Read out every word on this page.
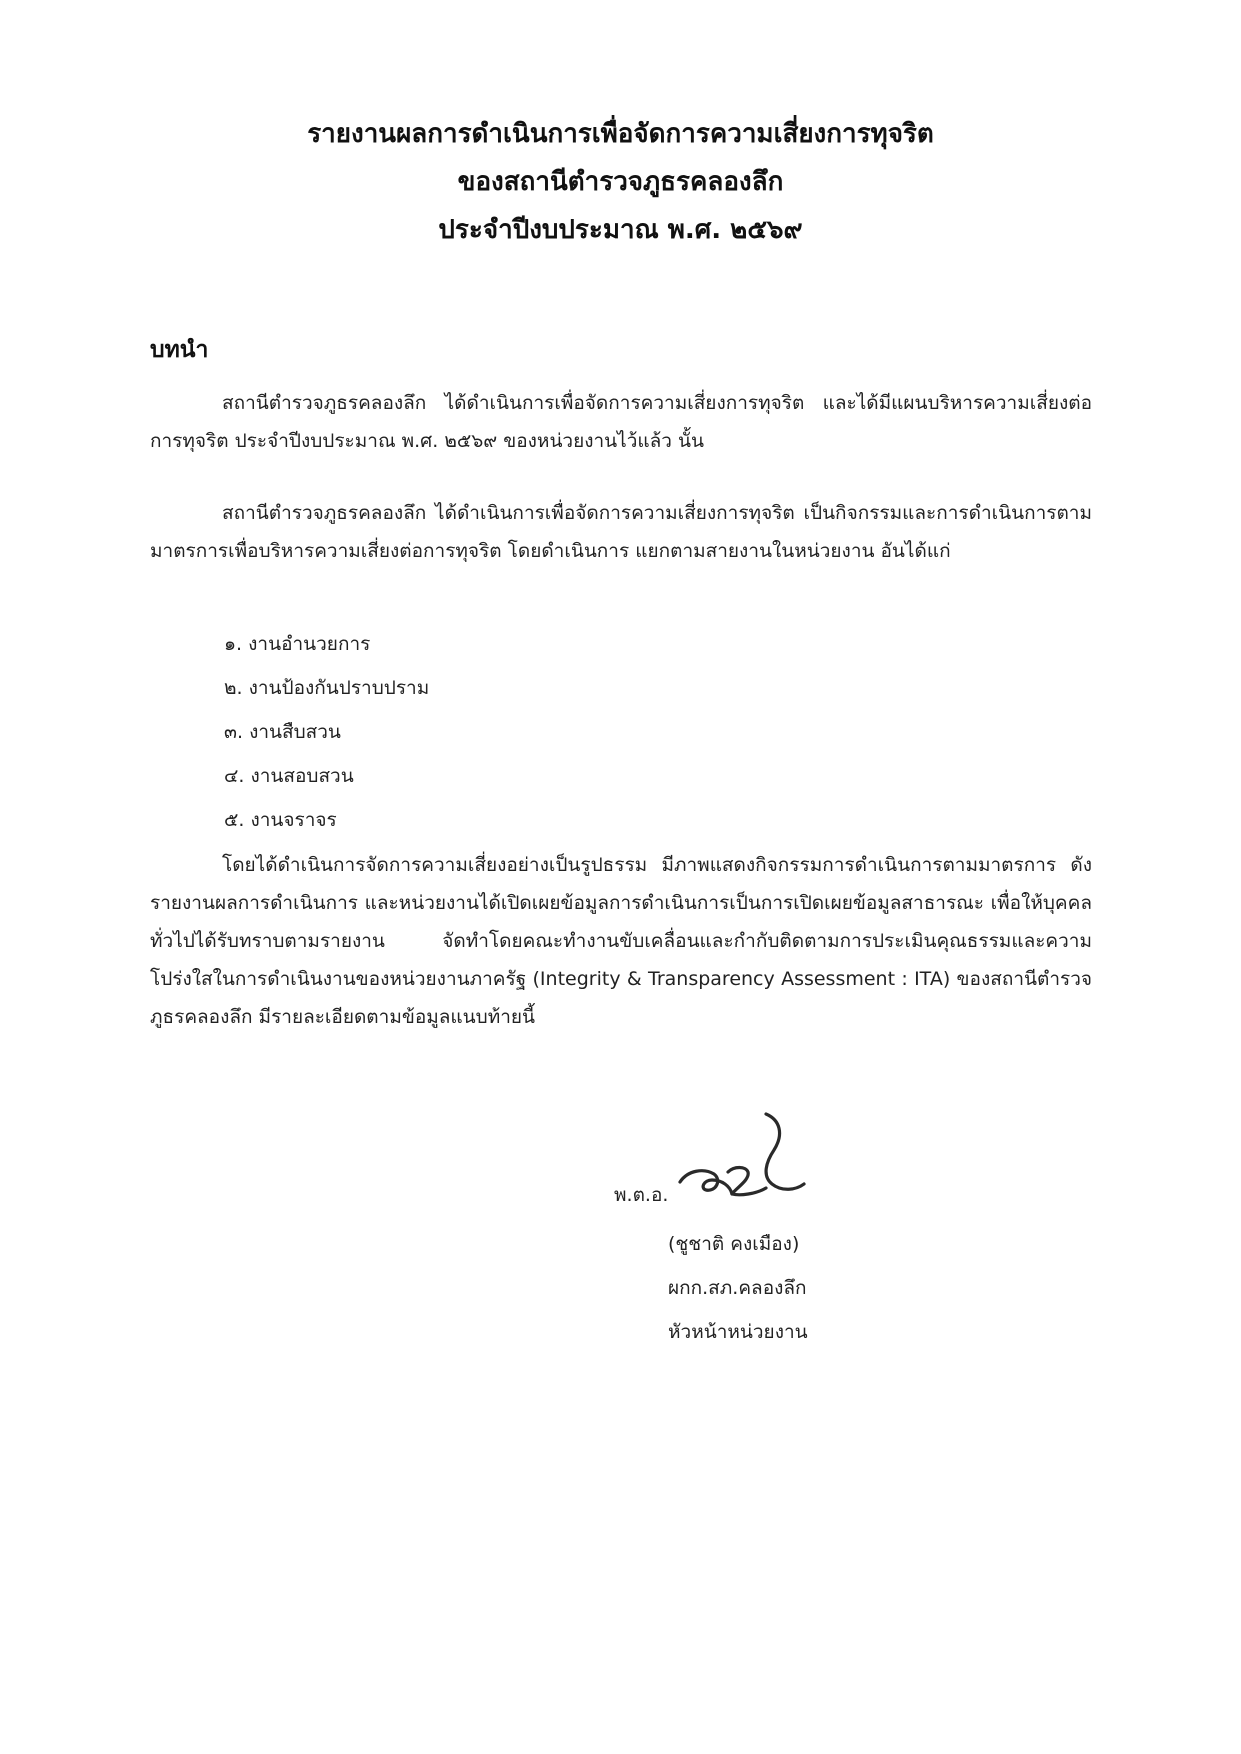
รายงานผลการดำเนินการเพื่อจัดการความเสี่ยงการทุจริต
ของสถานีตำรวจภูธรคลองลึก
ประจำปีงบประมาณ พ.ศ. ๒๕๖๙
บทนำ
สถานีตำรวจภูธรคลองลึก ได้ดำเนินการเพื่อจัดการความเสี่ยงการทุจริต และได้มีแผนบริหารความเสี่ยงต่อการทุจริต ประจำปีงบประมาณ พ.ศ. ๒๕๖๙ ของหน่วยงานไว้แล้ว นั้น
สถานีตำรวจภูธรคลองลึก ได้ดำเนินการเพื่อจัดการความเสี่ยงการทุจริต เป็นกิจกรรมและการดำเนินการตามมาตรการเพื่อบริหารความเสี่ยงต่อการทุจริต โดยดำเนินการ แยกตามสายงานในหน่วยงาน อันได้แก่
๑. งานอำนวยการ
๒. งานป้องกันปราบปราม
๓. งานสืบสวน
๔. งานสอบสวน
๕. งานจราจร
โดยได้ดำเนินการจัดการความเสี่ยงอย่างเป็นรูปธรรม มีภาพแสดงกิจกรรมการดำเนินการตามมาตรการ ดังรายงานผลการดำเนินการ และหน่วยงานได้เปิดเผยข้อมูลการดำเนินการเป็นการเปิดเผยข้อมูลสาธารณะ เพื่อให้บุคคลทั่วไปได้รับทราบตามรายงาน จัดทำโดยคณะทำงานขับเคลื่อนและกำกับติดตามการประเมินคุณธรรมและความโปร่งใสในการดำเนินงานของหน่วยงานภาครัฐ (Integrity & Transparency Assessment : ITA) ของสถานีตำรวจภูธรคลองลึก มีรายละเอียดตามข้อมูลแนบท้ายนี้
พ.ต.อ.
(ชูชาติ คงเมือง)
ผกก.สภ.คลองลึก
หัวหน้าหน่วยงาน
